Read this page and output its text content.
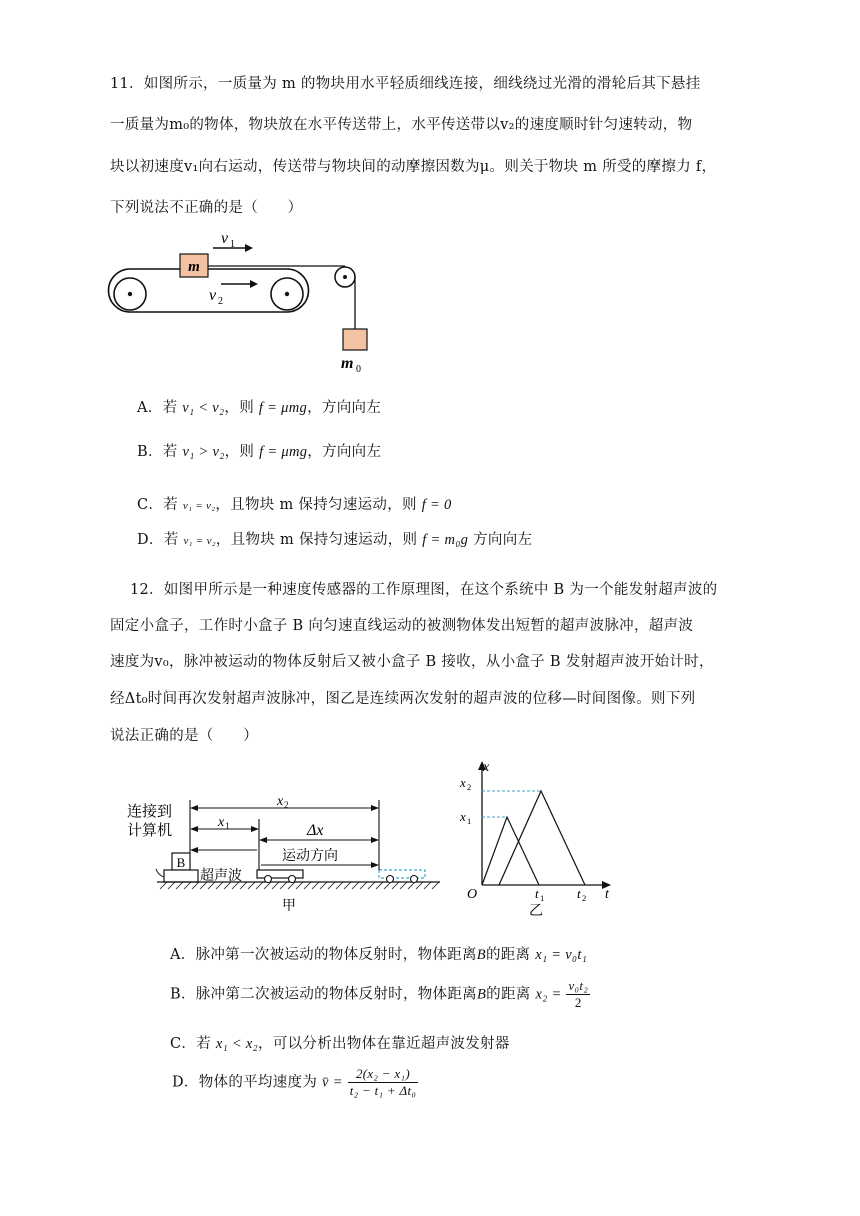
11．如图所示，一质量为 m 的物块用水平轻质细线连接，细线绕过光滑的滑轮后其下悬挂
一质量为m₀的物体，物块放在水平传送带上，水平传送带以v₂的速度顺时针匀速转动，物
块以初速度v₁向右运动，传送带与物块间的动摩擦因数为μ。则关于物块 m 所受的摩擦力 f，
下列说法不正确的是（　　）
m
m 0
v 1
v 2
A．若 v₁ < v₂，则 f = μmg，方向向左
B．若 v₁ > v₂，则 f = μmg，方向向左
C．若 v₁ = v₂，且物块 m 保持匀速运动，则 f = 0
D．若 v₁ = v₂，且物块 m 保持匀速运动，则 f = m₀g 方向向左
12．如图甲所示是一种速度传感器的工作原理图，在这个系统中 B 为一个能发射超声波的
固定小盒子，工作时小盒子 B 向匀速直线运动的被测物体发出短暂的超声波脉冲，超声波
速度为v₀，脉冲被运动的物体反射后又被小盒子 B 接收，从小盒子 B 发射超声波开始计时，
经Δt₀时间再次发射超声波脉冲，图乙是连续两次发射的超声波的位移—时间图像。则下列
说法正确的是（　　）
连接到
计算机
B
x 2
x 1	Δx
运动方向
超声波
甲
x
t
O
x 2
x 1
t 1	t 2
乙
A．脉冲第一次被运动的物体反射时，物体距离B的距离 x₁ = v₀t₁
B．脉冲第二次被运动的物体反射时，物体距离B的距离 $x_2 = \frac{\text{v₀t₂}}{2}$
C．若 x₁ < x₂，可以分析出物体在靠近超声波发射器
D．物体的平均速度为 v̄ = $\frac{\text{2(x₂ − x₁)}}{\text{t₂ − t₁ + Δt₀}}$
